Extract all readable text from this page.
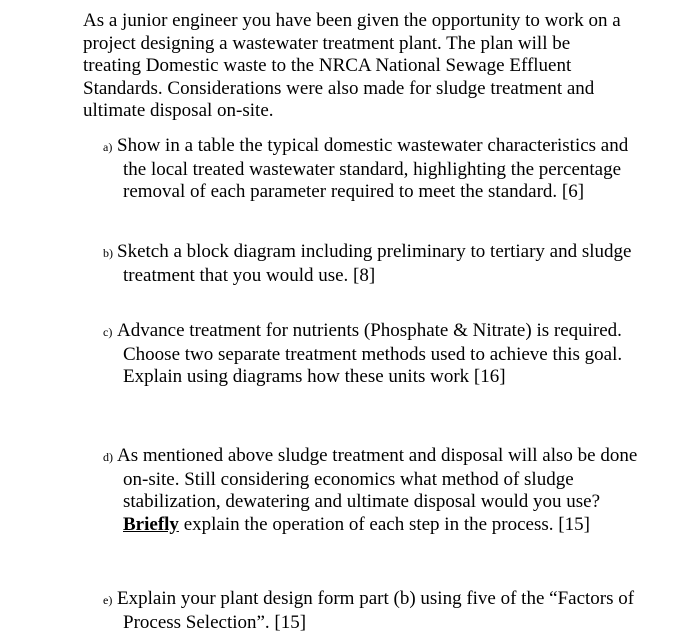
As a junior engineer you have been given the opportunity to work on a project designing a wastewater treatment plant. The plan will be treating Domestic waste to the NRCA National Sewage Effluent Standards. Considerations were also made for sludge treatment and ultimate disposal on-site.
a) Show in a table the typical domestic wastewater characteristics and the local treated wastewater standard, highlighting the percentage removal of each parameter required to meet the standard. [6]
b) Sketch a block diagram including preliminary to tertiary and sludge treatment that you would use. [8]
c) Advance treatment for nutrients (Phosphate & Nitrate) is required. Choose two separate treatment methods used to achieve this goal. Explain using diagrams how these units work [16]
d) As mentioned above sludge treatment and disposal will also be done on-site. Still considering economics what method of sludge stabilization, dewatering and ultimate disposal would you use? Briefly explain the operation of each step in the process. [15]
e) Explain your plant design form part (b) using five of the “Factors of Process Selection”. [15]
